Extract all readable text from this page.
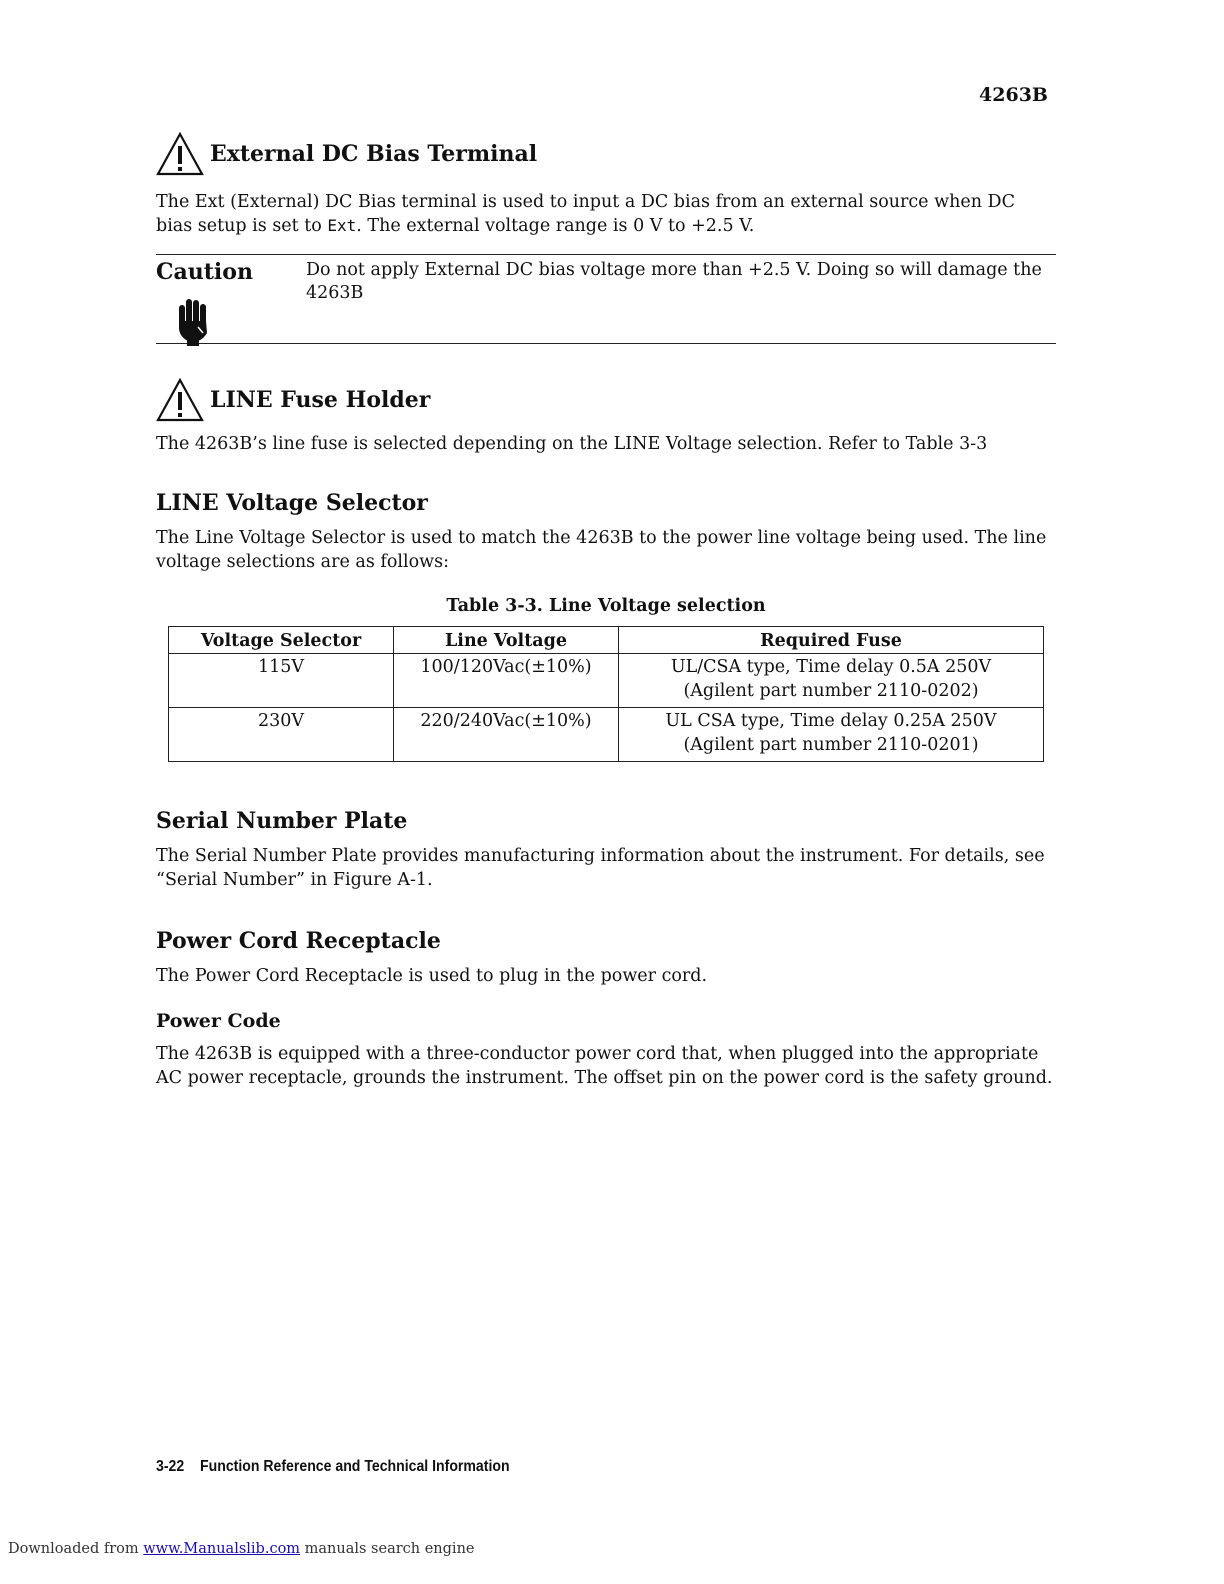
4263B
External DC Bias Terminal

The Ext (External) DC Bias terminal is used to input a DC bias from an external source when DC bias setup is set to Ext. The external voltage range is 0 V to +2.5 V.

Caution	Do not apply External DC bias voltage more than +2.5 V. Doing so will damage the 4263B
LINE Fuse Holder

The 4263B’s line fuse is selected depending on the LINE Voltage selection. Refer to Table 3-3

LINE Voltage Selector

The Line Voltage Selector is used to match the 4263B to the power line voltage being used. The line voltage selections are as follows:

Table 3-3. Line Voltage selection
Voltage Selector	Line Voltage	Required Fuse
115V	100/120Vac(±10%)	UL/CSA type, Time delay 0.5A 250V
(Agilent part number 2110-0202)
230V	220/240Vac(±10%)	UL CSA type, Time delay 0.25A 250V
(Agilent part number 2110-0201)
Serial Number Plate

The Serial Number Plate provides manufacturing information about the instrument. For details, see “Serial Number” in Figure A-1.

Power Cord Receptacle

The Power Cord Receptacle is used to plug in the power cord.

Power Code

The 4263B is equipped with a three-conductor power cord that, when plugged into the appropriate AC power receptacle, grounds the instrument. The offset pin on the power cord is the safety ground.

3-22 Function Reference and Technical Information
Downloaded from www.Manualslib.com manuals search engine
